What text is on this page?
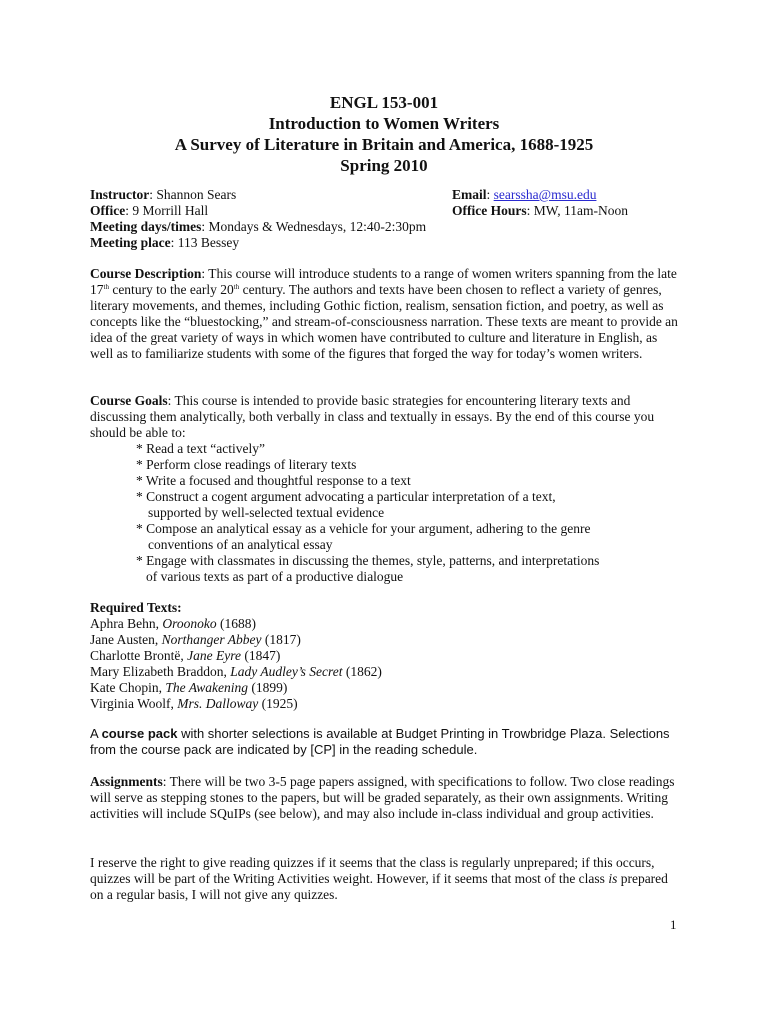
ENGL 153-001
Introduction to Women Writers
A Survey of Literature in Britain and America, 1688-1925
Spring 2010
Instructor: Shannon Sears	Email: searssha@msu.edu
Office: 9 Morrill Hall	Office Hours: MW, 11am-Noon
Meeting days/times: Mondays & Wednesdays, 12:40-2:30pm
Meeting place: 113 Bessey

Course Description: This course will introduce students to a range of women writers spanning from the late 17th century to the early 20th century. The authors and texts have been chosen to reflect a variety of genres, literary movements, and themes, including Gothic fiction, realism, sensation fiction, and poetry, as well as concepts like the “bluestocking,” and stream-of-consciousness narration. These texts are meant to provide an idea of the great variety of ways in which women have contributed to culture and literature in English, as well as to familiarize students with some of the figures that forged the way for today’s women writers.

Course Goals: This course is intended to provide basic strategies for encountering literary texts and discussing them analytically, both verbally in class and textually in essays. By the end of this course you should be able to:

* Read a text “actively”
* Perform close readings of literary texts
* Write a focused and thoughtful response to a text
* Construct a cogent argument advocating a particular interpretation of a text,
supported by well-selected textual evidence
* Compose an analytical essay as a vehicle for your argument, adhering to the genre
conventions of an analytical essay
* Engage with classmates in discussing the themes, style, patterns, and interpretations
of various texts as part of a productive dialogue
Required Texts:
Aphra Behn, Oroonoko (1688)
Jane Austen, Northanger Abbey (1817)
Charlotte Brontë, Jane Eyre (1847)
Mary Elizabeth Braddon, Lady Audley’s Secret (1862)
Kate Chopin, The Awakening (1899)
Virginia Woolf, Mrs. Dalloway (1925)

A course pack with shorter selections is available at Budget Printing in Trowbridge Plaza. Selections from the course pack are indicated by [CP] in the reading schedule.

Assignments: There will be two 3-5 page papers assigned, with specifications to follow. Two close readings will serve as stepping stones to the papers, but will be graded separately, as their own assignments. Writing activities will include SQuIPs (see below), and may also include in-class individual and group activities.

I reserve the right to give reading quizzes if it seems that the class is regularly unprepared; if this occurs, quizzes will be part of the Writing Activities weight. However, if it seems that most of the class is prepared on a regular basis, I will not give any quizzes.

1
